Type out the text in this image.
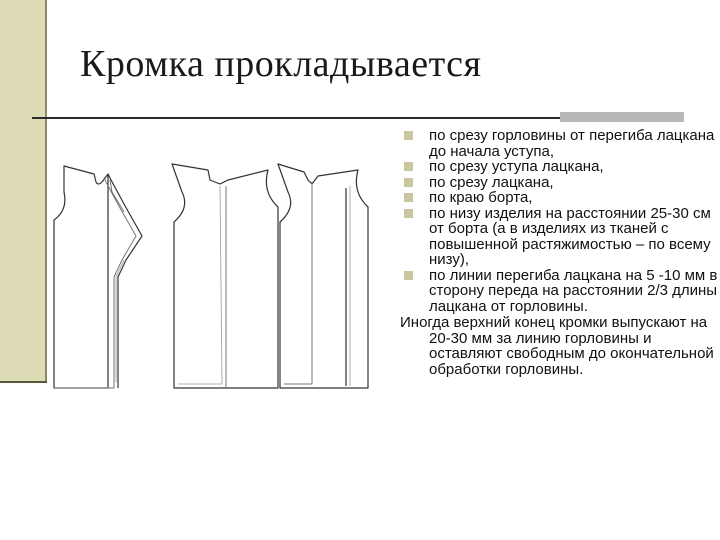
Кромка прокладывается
по срезу горловины от перегиба лацкана до начала уступа,
по срезу уступа лацкана,
по срезу лацкана,
по краю борта,
по низу изделия на расстоянии 25-30 см от борта (а в изделиях из тканей с повышенной растяжимостью – по всему низу),
по линии перегиба лацкана на 5 -10 мм в сторону переда на расстоянии 2/3 длины лацкана от горловины.
Иногда верхний конец кромки выпускают на 20-30 мм за линию горловины и оставляют свободным до окончательной обработки горловины.
